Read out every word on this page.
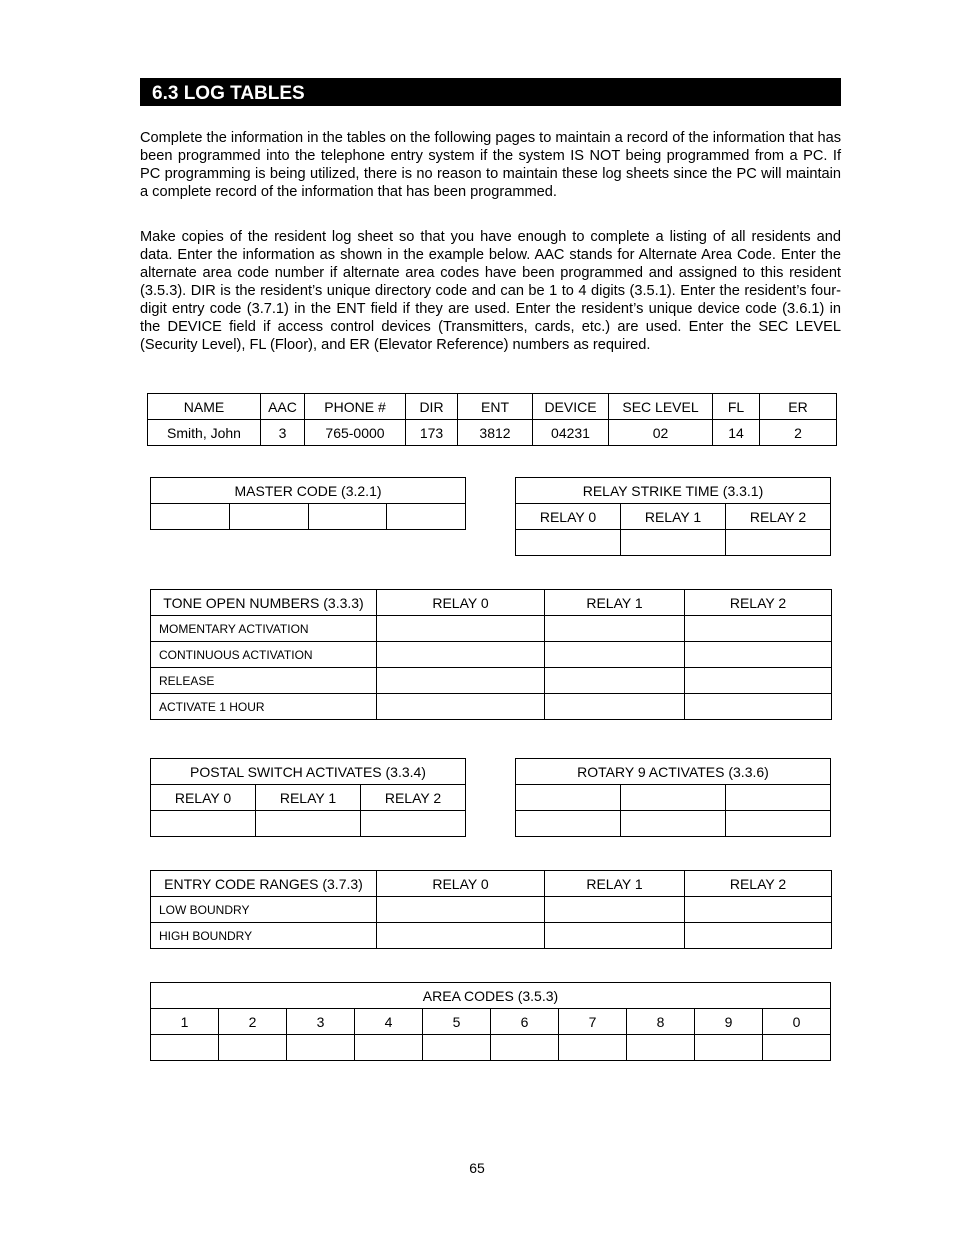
6.3 LOG TABLES

Complete the information in the tables on the following pages to maintain a record of the information that has been programmed into the telephone entry system if the system IS NOT being programmed from a PC. If PC programming is being utilized, there is no reason to maintain these log sheets since the PC will maintain a complete record of the information that has been programmed.

Make copies of the resident log sheet so that you have enough to complete a listing of all residents and data. Enter the information as shown in the example below. AAC stands for Alternate Area Code. Enter the alternate area code number if alternate area codes have been programmed and assigned to this resident (3.5.3). DIR is the resident’s unique directory code and can be 1 to 4 digits (3.5.1). Enter the resident’s four-digit entry code (3.7.1) in the ENT field if they are used. Enter the resident’s unique device code (3.6.1) in the DEVICE field if access control devices (Transmitters, cards, etc.) are used. Enter the SEC LEVEL (Security Level), FL (Floor), and ER (Elevator Reference) numbers as required.

NAME	AAC	PHONE #	DIR	ENT	DEVICE	SEC LEVEL	FL	ER
Smith, John	3	765-0000	173	3812	04231	02	14	2
MASTER CODE (3.2.1)
				RELAY STRIKE TIME (3.3.1)		
RELAY 0	RELAY 1	RELAY 2

TONE OPEN NUMBERS (3.3.3)	RELAY 0	RELAY 1	RELAY 2
MOMENTARY ACTIVATION			
CONTINUOUS ACTIVATION			
RELEASE			
ACTIVATE 1 HOUR			
POSTAL SWITCH ACTIVATES (3.3.4)		
RELAY 0	RELAY 1	RELAY 2

ROTARY 9 ACTIVATES (3.3.6)		

ENTRY CODE RANGES (3.7.3)	RELAY 0	RELAY 1	RELAY 2
LOW BOUNDRY			
HIGH BOUNDRY			
AREA CODES (3.5.3)									
1	2	3	4	5	6	7	8	9	0

65
